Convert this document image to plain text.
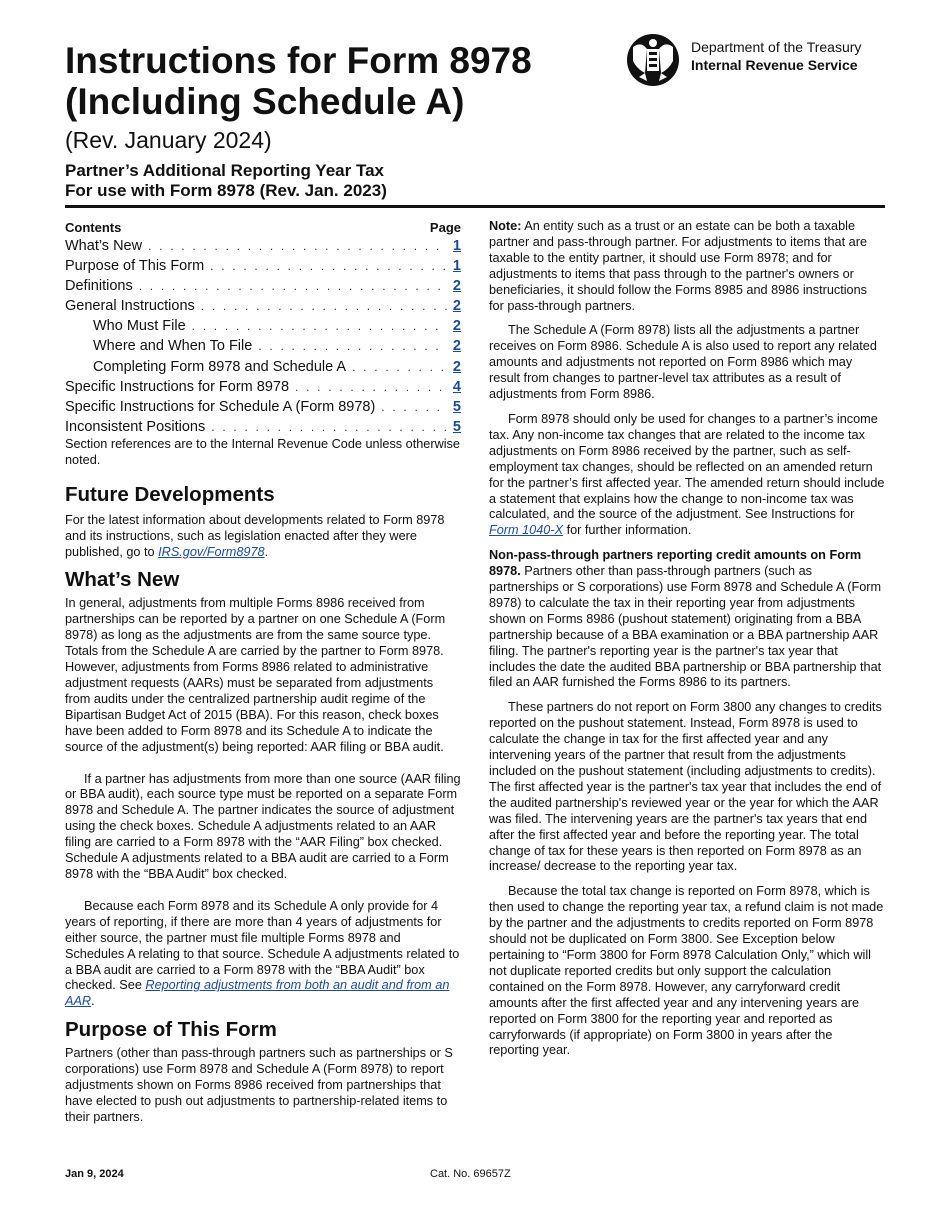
Instructions for Form 8978
(Including Schedule A)
(Rev. January 2024)
Partner’s Additional Reporting Year Tax
For use with Form 8978 (Rev. Jan. 2023)
Department of the Treasury
Internal Revenue Service
Contents	Page
What’s New . . .	1
Purpose of This Form . . .	1
Definitions . . .	2
General Instructions . . .	2
Who Must File . . .	2
Where and When To File . . .	2
Completing Form 8978 and Schedule A . . .	2
Specific Instructions for Form 8978 . . .	4
Specific Instructions for Schedule A (Form 8978) . . .	5
Inconsistent Positions . . .	5

Section references are to the Internal Revenue Code unless otherwise noted.

Future Developments

For the latest information about developments related to Form 8978 and its instructions, such as legislation enacted after they were published, go to IRS.gov/Form8978.

What’s New

In general, adjustments from multiple Forms 8986 received from partnerships can be reported by a partner on one Schedule A (Form 8978) as long as the adjustments are from the same source type. Totals from the Schedule A are carried by the partner to Form 8978. However, adjustments from Forms 8986 related to administrative adjustment requests (AARs) must be separated from adjustments from audits under the centralized partnership audit regime of the Bipartisan Budget Act of 2015 (BBA). For this reason, check boxes have been added to Form 8978 and its Schedule A to indicate the source of the adjustment(s) being reported: AAR filing or BBA audit.

If a partner has adjustments from more than one source (AAR filing or BBA audit), each source type must be reported on a separate Form 8978 and Schedule A. The partner indicates the source of adjustment using the check boxes. Schedule A adjustments related to an AAR filing are carried to a Form 8978 with the “AAR Filing” box checked. Schedule A adjustments related to a BBA audit are carried to a Form 8978 with the “BBA Audit” box checked.

Because each Form 8978 and its Schedule A only provide for 4 years of reporting, if there are more than 4 years of adjustments for either source, the partner must file multiple Forms 8978 and Schedules A relating to that source. Schedule A adjustments related to a BBA audit are carried to a Form 8978 with the “BBA Audit” box checked. See Reporting adjustments from both an audit and from an AAR.

Purpose of This Form

Partners (other than pass-through partners such as partnerships or S corporations) use Form 8978 and Schedule A (Form 8978) to report adjustments shown on Forms 8986 received from partnerships that have elected to push out adjustments to partnership-related items to their partners.

Note: An entity such as a trust or an estate can be both a taxable partner and pass-through partner. For adjustments to items that are taxable to the entity partner, it should use Form 8978; and for adjustments to items that pass through to the partner's owners or beneficiaries, it should follow the Forms 8985 and 8986 instructions for pass-through partners.

The Schedule A (Form 8978) lists all the adjustments a partner receives on Form 8986. Schedule A is also used to report any related amounts and adjustments not reported on Form 8986 which may result from changes to partner-level tax attributes as a result of adjustments from Form 8986.

Form 8978 should only be used for changes to a partner’s income tax. Any non-income tax changes that are related to the income tax adjustments on Form 8986 received by the partner, such as self-employment tax changes, should be reflected on an amended return for the partner’s first affected year. The amended return should include a statement that explains how the change to non-income tax was calculated, and the source of the adjustment. See Instructions for Form 1040-X for further information.

Non-pass-through partners reporting credit amounts on Form 8978. Partners other than pass-through partners (such as partnerships or S corporations) use Form 8978 and Schedule A (Form 8978) to calculate the tax in their reporting year from adjustments shown on Forms 8986 (pushout statement) originating from a BBA partnership because of a BBA examination or a BBA partnership AAR filing. The partner's reporting year is the partner's tax year that includes the date the audited BBA partnership or BBA partnership that filed an AAR furnished the Forms 8986 to its partners.

These partners do not report on Form 3800 any changes to credits reported on the pushout statement. Instead, Form 8978 is used to calculate the change in tax for the first affected year and any intervening years of the partner that result from the adjustments included on the pushout statement (including adjustments to credits). The first affected year is the partner's tax year that includes the end of the audited partnership's reviewed year or the year for which the AAR was filed. The intervening years are the partner's tax years that end after the first affected year and before the reporting year. The total change of tax for these years is then reported on Form 8978 as an increase/ decrease to the reporting year tax.

Because the total tax change is reported on Form 8978, which is then used to change the reporting year tax, a refund claim is not made by the partner and the adjustments to credits reported on Form 8978 should not be duplicated on Form 3800. See Exception below pertaining to “Form 3800 for Form 8978 Calculation Only,” which will not duplicate reported credits but only support the calculation contained on the Form 8978. However, any carryforward credit amounts after the first affected year and any intervening years are reported on Form 3800 for the reporting year and reported as carryforwards (if appropriate) on Form 3800 in years after the reporting year.

Jan 9, 2024	Cat. No. 69657Z
